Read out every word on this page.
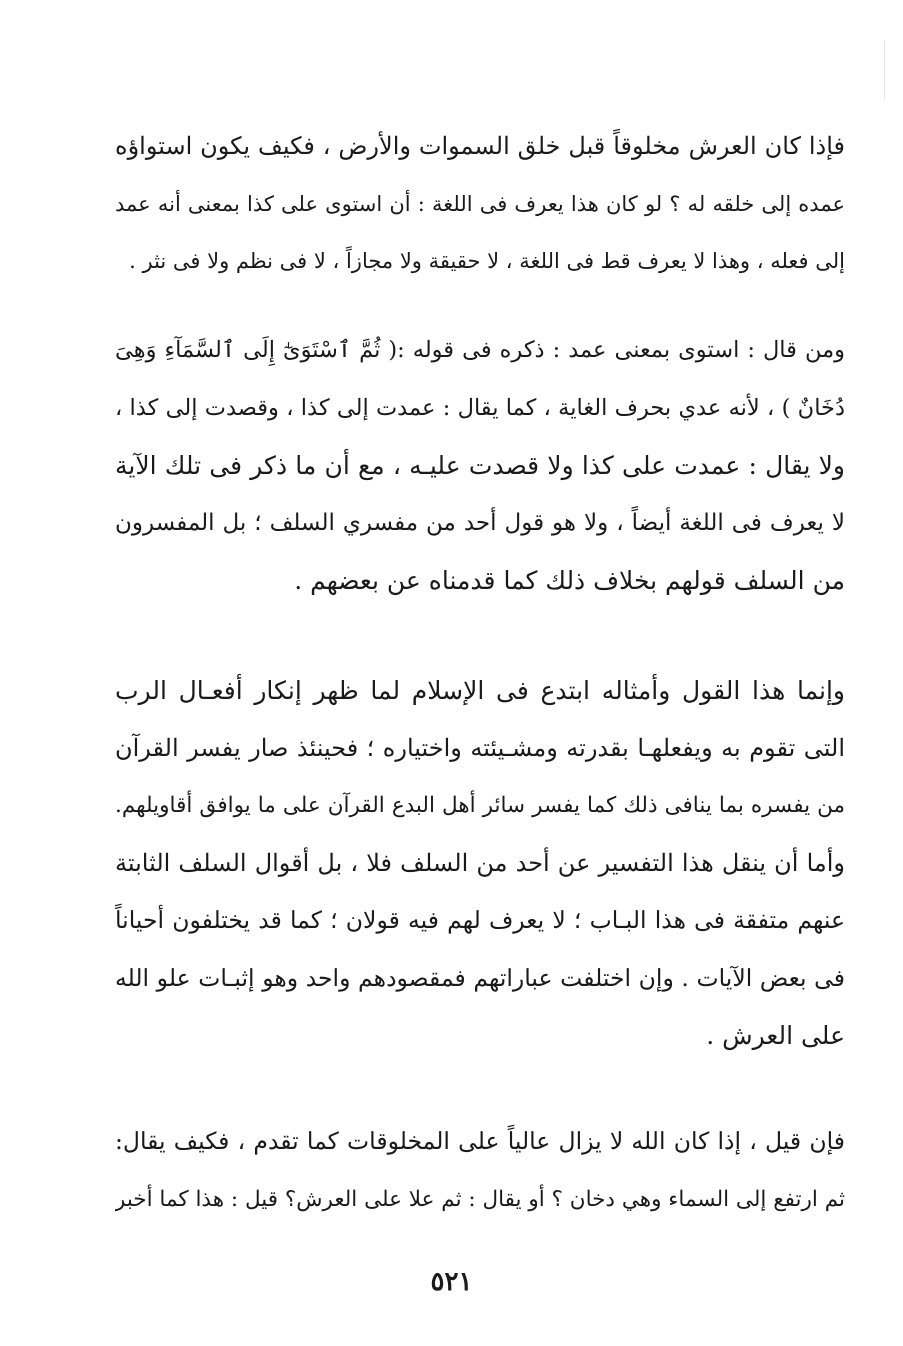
فإذا كان العرش مخلوقاً قبل خلق السموات والأرض ، فكيف يكون استواؤه
عمده إلى خلقه له ؟ لو كان هذا يعرف فى اللغة : أن استوى على كذا بمعنى أنه عمد
إلى فعله ، وهذا لا يعرف قط فى اللغة ، لا حقيقة ولا مجازاً ، لا فى نظم ولا فى نثر .
ومن قال : استوى بمعنى عمد : ذكره فى قوله :( ثُمَّ ٱسْتَوَىٰٓ إِلَى ٱلسَّمَآءِ وَهِىَ
دُخَانٌ ) ، لأنه عدي بحرف الغاية ، كما يقال : عمدت إلى كذا ، وقصدت إلى كذا ،
ولا يقال : عمدت على كذا ولا قصدت عليـه ، مع أن ما ذكر فى تلك الآية
لا يعرف فى اللغة أيضاً ، ولا هو قول أحد من مفسري السلف ؛ بل المفسرون
من السلف قولهم بخلاف ذلك كما قدمناه عن بعضهم .
وإنما هذا القول وأمثاله ابتدع فى الإسلام لما ظهر إنكار أفعـال الرب
التى تقوم به ويفعلهـا بقدرته ومشـيئته واختياره ؛ فحينئذ صار يفسر القرآن
من يفسره بما ينافى ذلك كما يفسر سائر أهل البدع القرآن على ما يوافق أقاويلهم.
وأما أن ينقل هذا التفسير عن أحد من السلف فلا ، بل أقوال السلف الثابتة
عنهم متفقة فى هذا البـاب ؛ لا يعرف لهم فيه قولان ؛ كما قد يختلفون أحياناً
فى بعض الآيات . وإن اختلفت عباراتهم فمقصودهم واحد وهو إثبـات علو الله
على العرش .
فإن قيل ، إذا كان الله لا يزال عالياً على المخلوقات كما تقدم ، فكيف يقال:
ثم ارتفع إلى السماء وهي دخان ؟ أو يقال : ثم علا على العرش؟ قيل : هذا كما أخبر
٥٢١
